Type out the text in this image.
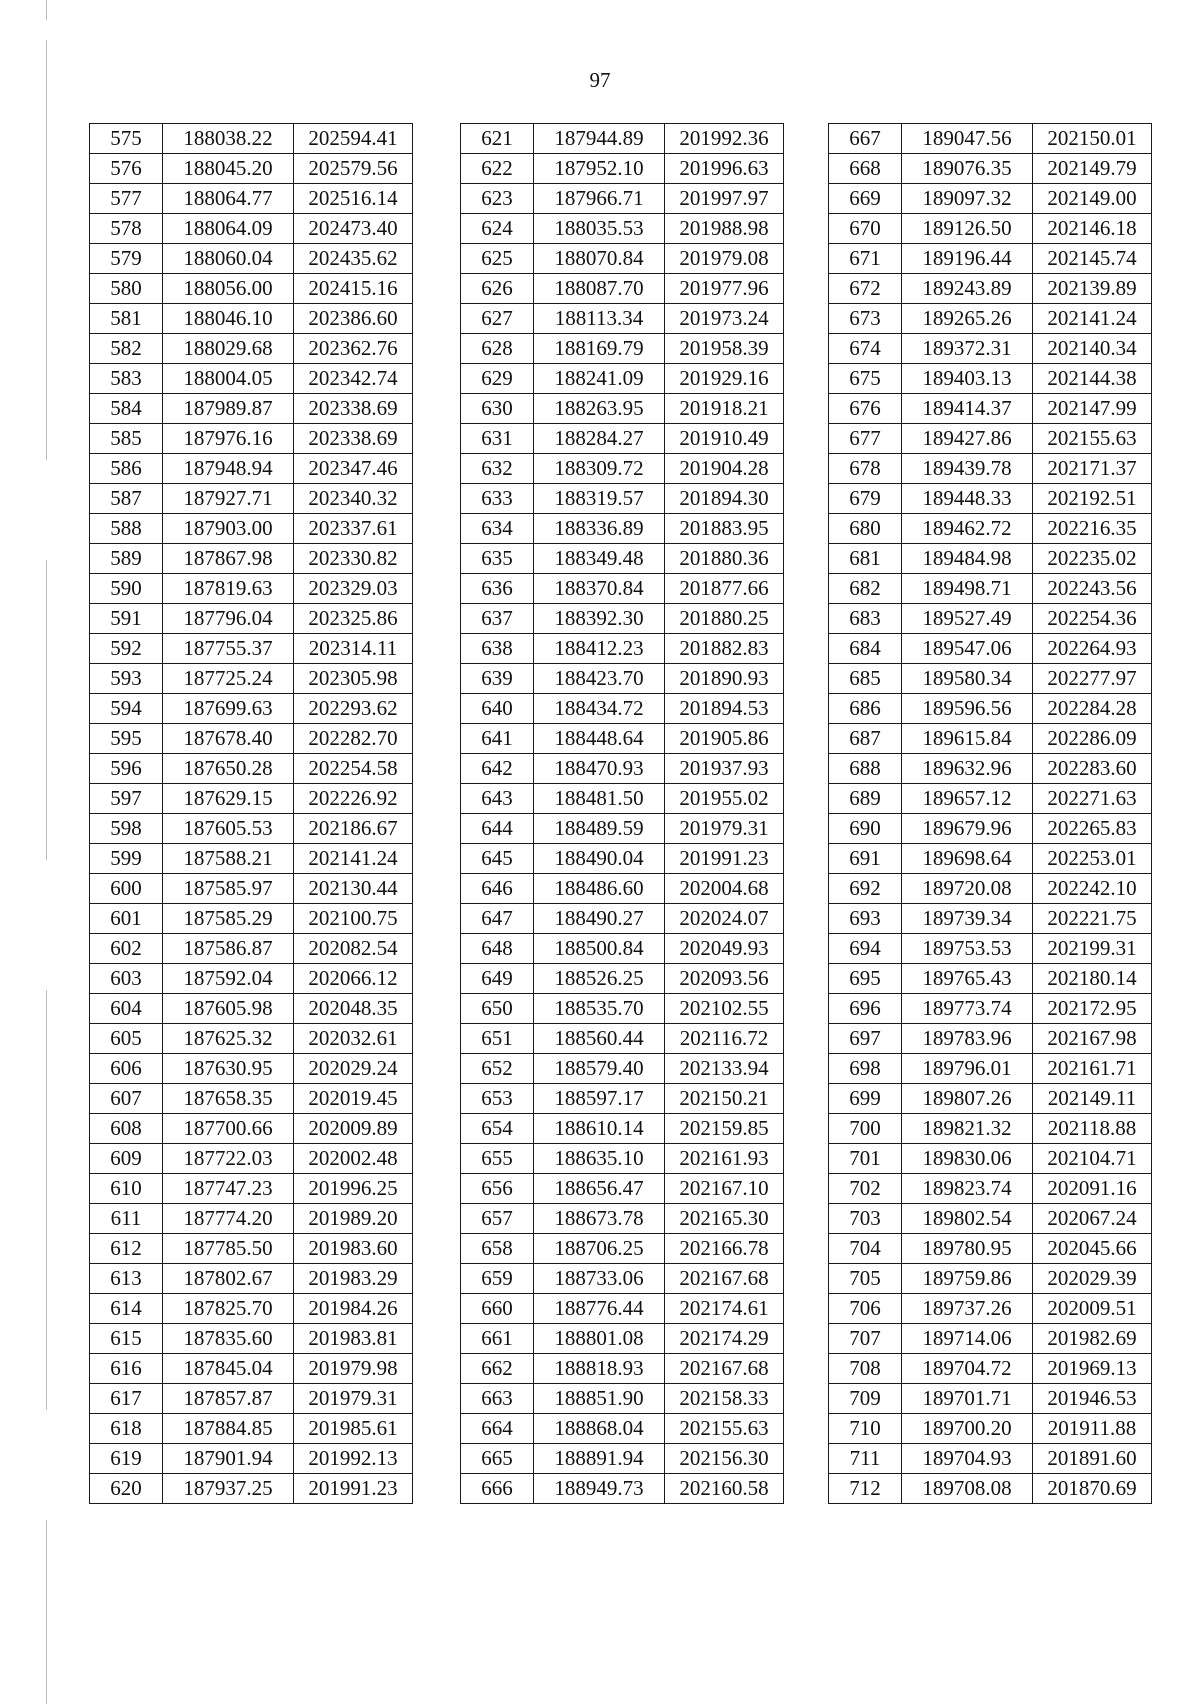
97
575	188038.22	202594.41
576	188045.20	202579.56
577	188064.77	202516.14
578	188064.09	202473.40
579	188060.04	202435.62
580	188056.00	202415.16
581	188046.10	202386.60
582	188029.68	202362.76
583	188004.05	202342.74
584	187989.87	202338.69
585	187976.16	202338.69
586	187948.94	202347.46
587	187927.71	202340.32
588	187903.00	202337.61
589	187867.98	202330.82
590	187819.63	202329.03
591	187796.04	202325.86
592	187755.37	202314.11
593	187725.24	202305.98
594	187699.63	202293.62
595	187678.40	202282.70
596	187650.28	202254.58
597	187629.15	202226.92
598	187605.53	202186.67
599	187588.21	202141.24
600	187585.97	202130.44
601	187585.29	202100.75
602	187586.87	202082.54
603	187592.04	202066.12
604	187605.98	202048.35
605	187625.32	202032.61
606	187630.95	202029.24
607	187658.35	202019.45
608	187700.66	202009.89
609	187722.03	202002.48
610	187747.23	201996.25
611	187774.20	201989.20
612	187785.50	201983.60
613	187802.67	201983.29
614	187825.70	201984.26
615	187835.60	201983.81
616	187845.04	201979.98
617	187857.87	201979.31
618	187884.85	201985.61
619	187901.94	201992.13
620	187937.25	201991.23
621	187944.89	201992.36
622	187952.10	201996.63
623	187966.71	201997.97
624	188035.53	201988.98
625	188070.84	201979.08
626	188087.70	201977.96
627	188113.34	201973.24
628	188169.79	201958.39
629	188241.09	201929.16
630	188263.95	201918.21
631	188284.27	201910.49
632	188309.72	201904.28
633	188319.57	201894.30
634	188336.89	201883.95
635	188349.48	201880.36
636	188370.84	201877.66
637	188392.30	201880.25
638	188412.23	201882.83
639	188423.70	201890.93
640	188434.72	201894.53
641	188448.64	201905.86
642	188470.93	201937.93
643	188481.50	201955.02
644	188489.59	201979.31
645	188490.04	201991.23
646	188486.60	202004.68
647	188490.27	202024.07
648	188500.84	202049.93
649	188526.25	202093.56
650	188535.70	202102.55
651	188560.44	202116.72
652	188579.40	202133.94
653	188597.17	202150.21
654	188610.14	202159.85
655	188635.10	202161.93
656	188656.47	202167.10
657	188673.78	202165.30
658	188706.25	202166.78
659	188733.06	202167.68
660	188776.44	202174.61
661	188801.08	202174.29
662	188818.93	202167.68
663	188851.90	202158.33
664	188868.04	202155.63
665	188891.94	202156.30
666	188949.73	202160.58
667	189047.56	202150.01
668	189076.35	202149.79
669	189097.32	202149.00
670	189126.50	202146.18
671	189196.44	202145.74
672	189243.89	202139.89
673	189265.26	202141.24
674	189372.31	202140.34
675	189403.13	202144.38
676	189414.37	202147.99
677	189427.86	202155.63
678	189439.78	202171.37
679	189448.33	202192.51
680	189462.72	202216.35
681	189484.98	202235.02
682	189498.71	202243.56
683	189527.49	202254.36
684	189547.06	202264.93
685	189580.34	202277.97
686	189596.56	202284.28
687	189615.84	202286.09
688	189632.96	202283.60
689	189657.12	202271.63
690	189679.96	202265.83
691	189698.64	202253.01
692	189720.08	202242.10
693	189739.34	202221.75
694	189753.53	202199.31
695	189765.43	202180.14
696	189773.74	202172.95
697	189783.96	202167.98
698	189796.01	202161.71
699	189807.26	202149.11
700	189821.32	202118.88
701	189830.06	202104.71
702	189823.74	202091.16
703	189802.54	202067.24
704	189780.95	202045.66
705	189759.86	202029.39
706	189737.26	202009.51
707	189714.06	201982.69
708	189704.72	201969.13
709	189701.71	201946.53
710	189700.20	201911.88
711	189704.93	201891.60
712	189708.08	201870.69
